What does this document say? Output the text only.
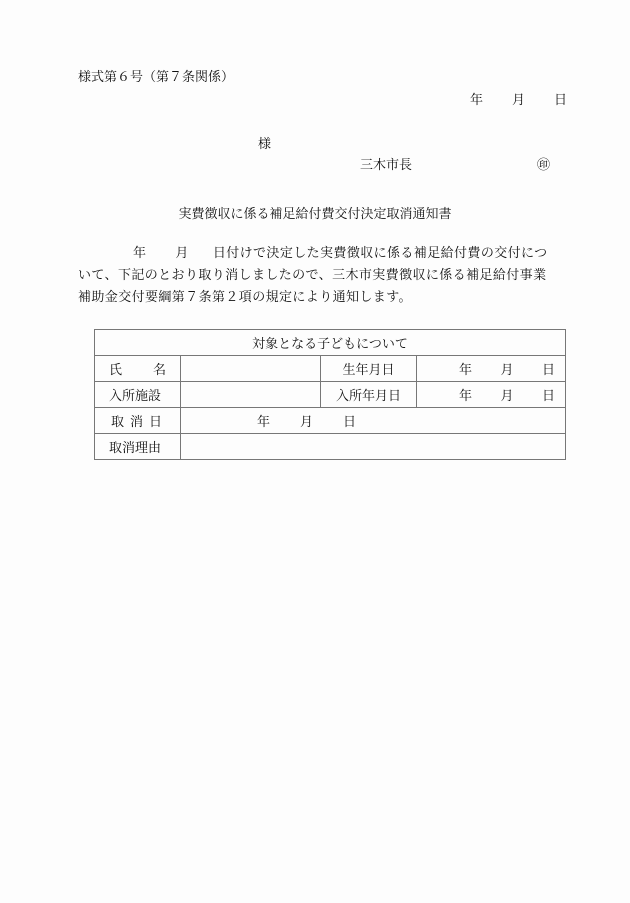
様式第６号（第７条関係）
年 月 日
様
三木市長	㊞
実費徴収に係る補足給付費交付決定取消通知書
年 月 日付けで決定した実費徴収に係る補足給付費の交付につ
いて、下記のとおり取り消しましたので、三木市実費徴収に係る補足給付事業
補助金交付要綱第７条第２項の規定により通知します。
対象となる子どもについて			

氏 名		生年月日	年 月 日

入所施設		入所年月日	年 月 日

取 消 日	年 月 日		

取消理由			
